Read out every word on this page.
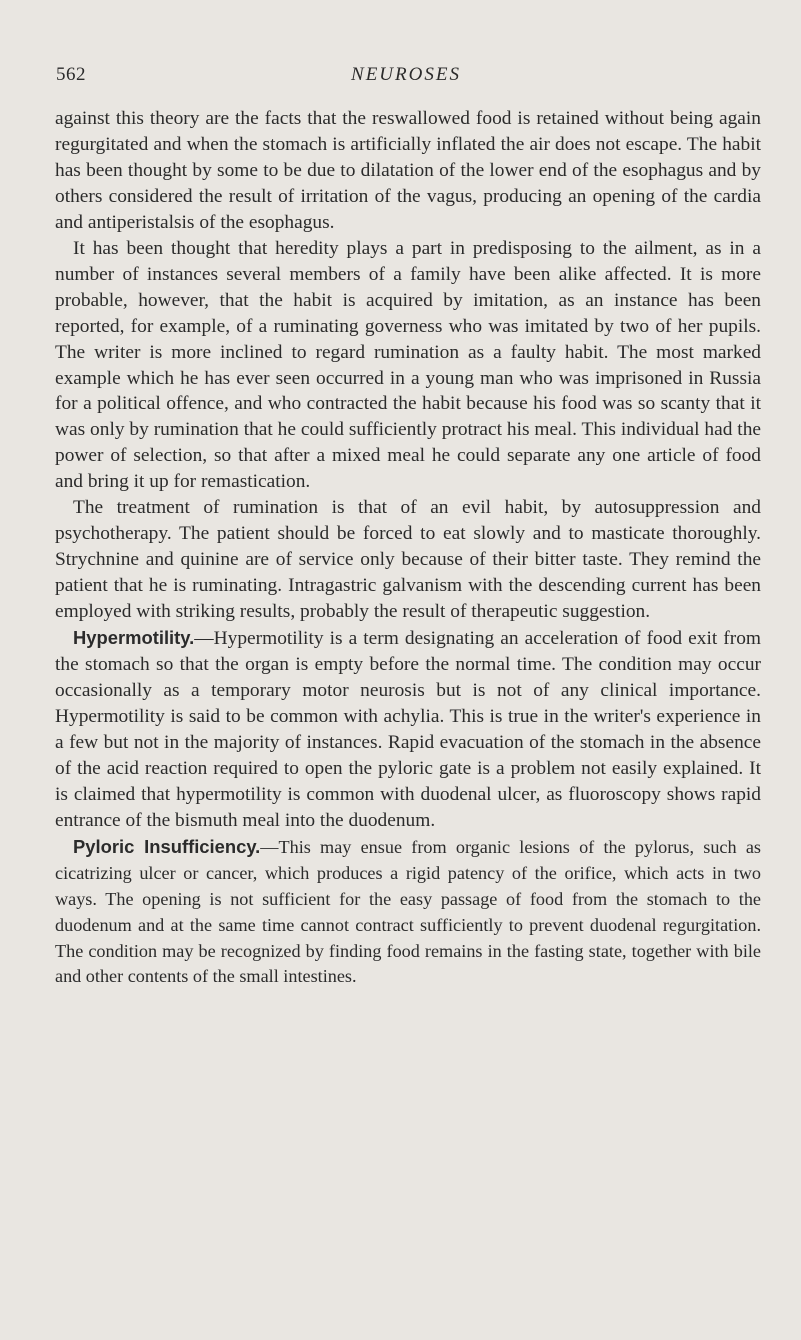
562	NEUROSES

against this theory are the facts that the reswallowed food is retained without being again regurgitated and when the stomach is artificially inflated the air does not escape. The habit has been thought by some to be due to dilatation of the lower end of the esophagus and by others considered the result of irritation of the vagus, producing an opening of the cardia and antiperistalsis of the esophagus.

It has been thought that heredity plays a part in predisposing to the ailment, as in a number of instances several members of a family have been alike affected. It is more probable, however, that the habit is acquired by imitation, as an instance has been reported, for example, of a ruminating governess who was imitated by two of her pupils. The writer is more inclined to regard rumination as a faulty habit. The most marked example which he has ever seen occurred in a young man who was imprisoned in Russia for a political offence, and who contracted the habit because his food was so scanty that it was only by rumination that he could sufficiently protract his meal. This individual had the power of selection, so that after a mixed meal he could separate any one article of food and bring it up for remastication.

The treatment of rumination is that of an evil habit, by autosuppression and psychotherapy. The patient should be forced to eat slowly and to masticate thoroughly. Strychnine and quinine are of service only because of their bitter taste. They remind the patient that he is ruminating. Intragastric galvanism with the descending current has been employed with striking results, probably the result of therapeutic suggestion.

Hypermotility.—Hypermotility is a term designating an acceleration of food exit from the stomach so that the organ is empty before the normal time. The condition may occur occasionally as a temporary motor neurosis but is not of any clinical importance. Hypermotility is said to be common with achylia. This is true in the writer's experience in a few but not in the majority of instances. Rapid evacuation of the stomach in the absence of the acid reaction required to open the pyloric gate is a problem not easily explained. It is claimed that hypermotility is common with duodenal ulcer, as fluoroscopy shows rapid entrance of the bismuth meal into the duodenum.

Pyloric Insufficiency.—This may ensue from organic lesions of the pylorus, such as cicatrizing ulcer or cancer, which produces a rigid patency of the orifice, which acts in two ways. The opening is not sufficient for the easy passage of food from the stomach to the duodenum and at the same time cannot contract sufficiently to prevent duodenal regurgitation. The condition may be recognized by finding food remains in the fasting state, together with bile and other contents of the small intestines.
